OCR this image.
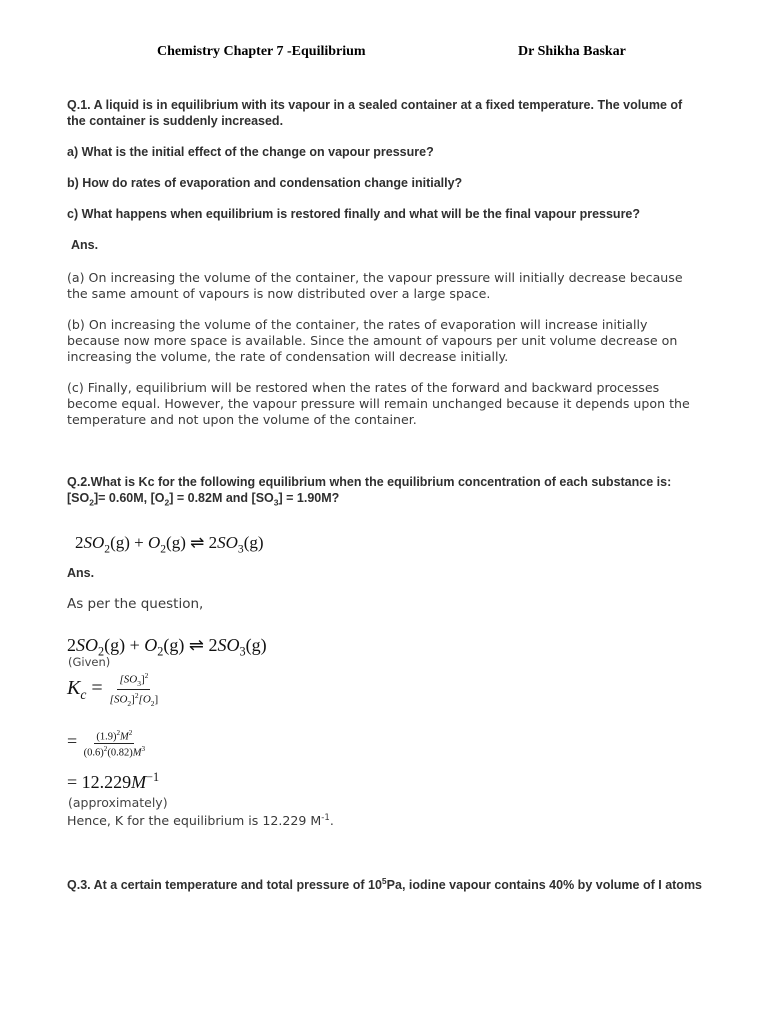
Chemistry Chapter 7 -Equilibrium	Dr Shikha Baskar
Q.1. A liquid is in equilibrium with its vapour in a sealed container at a fixed temperature. The volume of the container is suddenly increased.
a) What is the initial effect of the change on vapour pressure?
b) How do rates of evaporation and condensation change initially?
c) What happens when equilibrium is restored finally and what will be the final vapour pressure?
Ans.
(a) On increasing the volume of the container, the vapour pressure will initially decrease because the same amount of vapours is now distributed over a large space.
(b) On increasing the volume of the container, the rates of evaporation will increase initially because now more space is available. Since the amount of vapours per unit volume decrease on increasing the volume, the rate of condensation will decrease initially.
(c) Finally, equilibrium will be restored when the rates of the forward and backward processes become equal. However, the vapour pressure will remain unchanged because it depends upon the temperature and not upon the volume of the container.
Q.2.What is Kc for the following equilibrium when the equilibrium concentration of each substance is: $[SO_2]= 0.60M$, $[O_2] = 0.82M$ and $[SO_3] = 1.90M$?
$2SO_2(g) + O_2(g)$ ⇌ $2SO_3(g)$
Ans.
As per the question,
$2SO_2(g) + O_2(g)$ ⇌ $2SO_3(g)$
(Given)
$K_c = \frac{[SO_3]^2}{[SO_2]^2[O_2]}$
= $\frac{(1.9)^2M^2}{(0.6)^2(0.82)M^3}$
= $12.229M^{-1}$
(approximately)
Hence, K for the equilibrium is 12.229 $M^{-1}$.
Q.3. At a certain temperature and total pressure of $10^5Pa$, iodine vapour contains 40% by volume of I atoms
